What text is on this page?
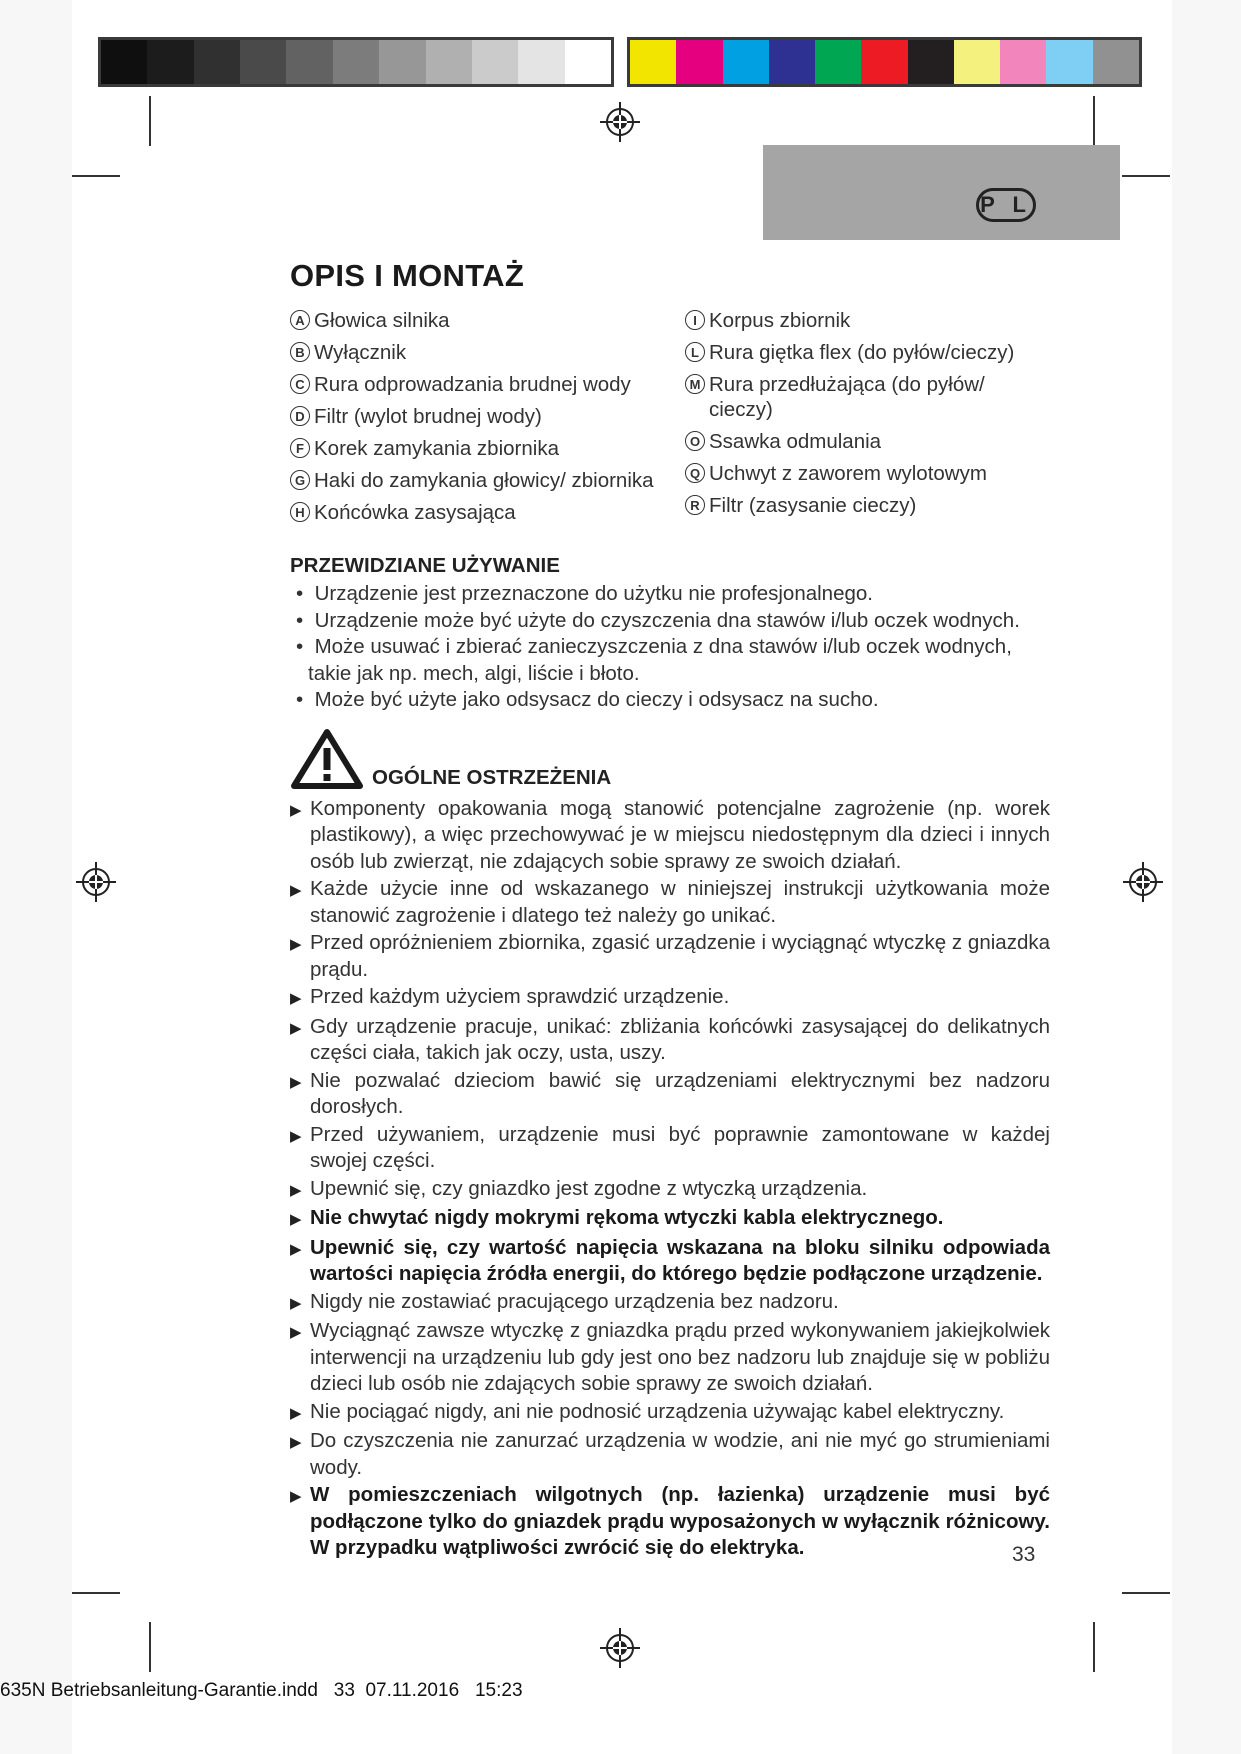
P L
OPIS I MONTAŻ
A Głowica silnika
B Wyłącznik
C Rura odprowadzania brudnej wody
D Filtr (wylot brudnej wody)
F Korek zamykania zbiornika
G Haki do zamykania głowicy/ zbiornika
H Końcówka zasysająca
I Korpus zbiornik
L Rura giętka flex (do pyłów/cieczy)
M Rura przedłużająca (do pyłów/ cieczy)
O Ssawka odmulania
Q Uchwyt z zaworem wylotowym
R Filtr (zasysanie cieczy)
PRZEWIDZIANE UŻYWANIE
•  Urządzenie jest przeznaczone do użytku nie profesjonalnego.
•  Urządzenie może być użyte do czyszczenia dna stawów i/lub oczek wodnych.
•  Może usuwać i zbierać zanieczyszczenia z dna stawów i/lub oczek wodnych, takie jak np. mech, algi, liście i błoto.
•  Może być użyte jako odsysacz do cieczy i odsysacz na sucho.
OGÓLNE OSTRZEŻENIA
▶ Komponenty opakowania mogą stanowić potencjalne zagrożenie (np. worek plastikowy), a więc przechowywać je w miejscu niedostępnym dla dzieci i innych osób lub zwierząt, nie zdających sobie sprawy ze swoich działań.
▶ Każde użycie inne od wskazanego w niniejszej instrukcji użytkowania może stanowić zagrożenie i dlatego też należy go unikać.
▶ Przed opróżnieniem zbiornika, zgasić urządzenie i wyciągnąć wtyczkę z gniazdka prądu.
▶ Przed każdym użyciem sprawdzić urządzenie.
▶ Gdy urządzenie pracuje, unikać: zbliżania końcówki zasysającej do delikatnych części ciała, takich jak oczy, usta, uszy.
▶ Nie pozwalać dzieciom bawić się urządzeniami elektrycznymi bez nadzoru dorosłych.
▶ Przed używaniem, urządzenie musi być poprawnie zamontowane w każdej swojej części.
▶ Upewnić się, czy gniazdko jest zgodne z wtyczką urządzenia.
▶ Nie chwytać nigdy mokrymi rękoma wtyczki kabla elektrycznego.
▶ Upewnić się, czy wartość napięcia wskazana na bloku silniku odpowiada wartości napięcia źródła energii, do którego będzie podłączone urządzenie.
▶ Nigdy nie zostawiać pracującego urządzenia bez nadzoru.
▶ Wyciągnąć zawsze wtyczkę z gniazdka prądu przed wykonywaniem jakiejkolwiek interwencji na urządzeniu lub gdy jest ono bez nadzoru lub znajduje się w pobliżu dzieci lub osób nie zdających sobie sprawy ze swoich działań.
▶ Nie pociągać nigdy, ani nie podnosić urządzenia używając kabel elektryczny.
▶ Do czyszczenia nie zanurzać urządzenia w wodzie, ani nie myć go strumieniami wody.
▶ W pomieszczeniach wilgotnych (np. łazienka) urządzenie musi być podłączone tylko do gniazdek prądu wyposażonych w wyłącznik różnicowy. W przypadku wątpliwości zwrócić się do elektryka.	33
635N Betriebsanleitung-Garantie.indd   33  07.11.2016   15:23
